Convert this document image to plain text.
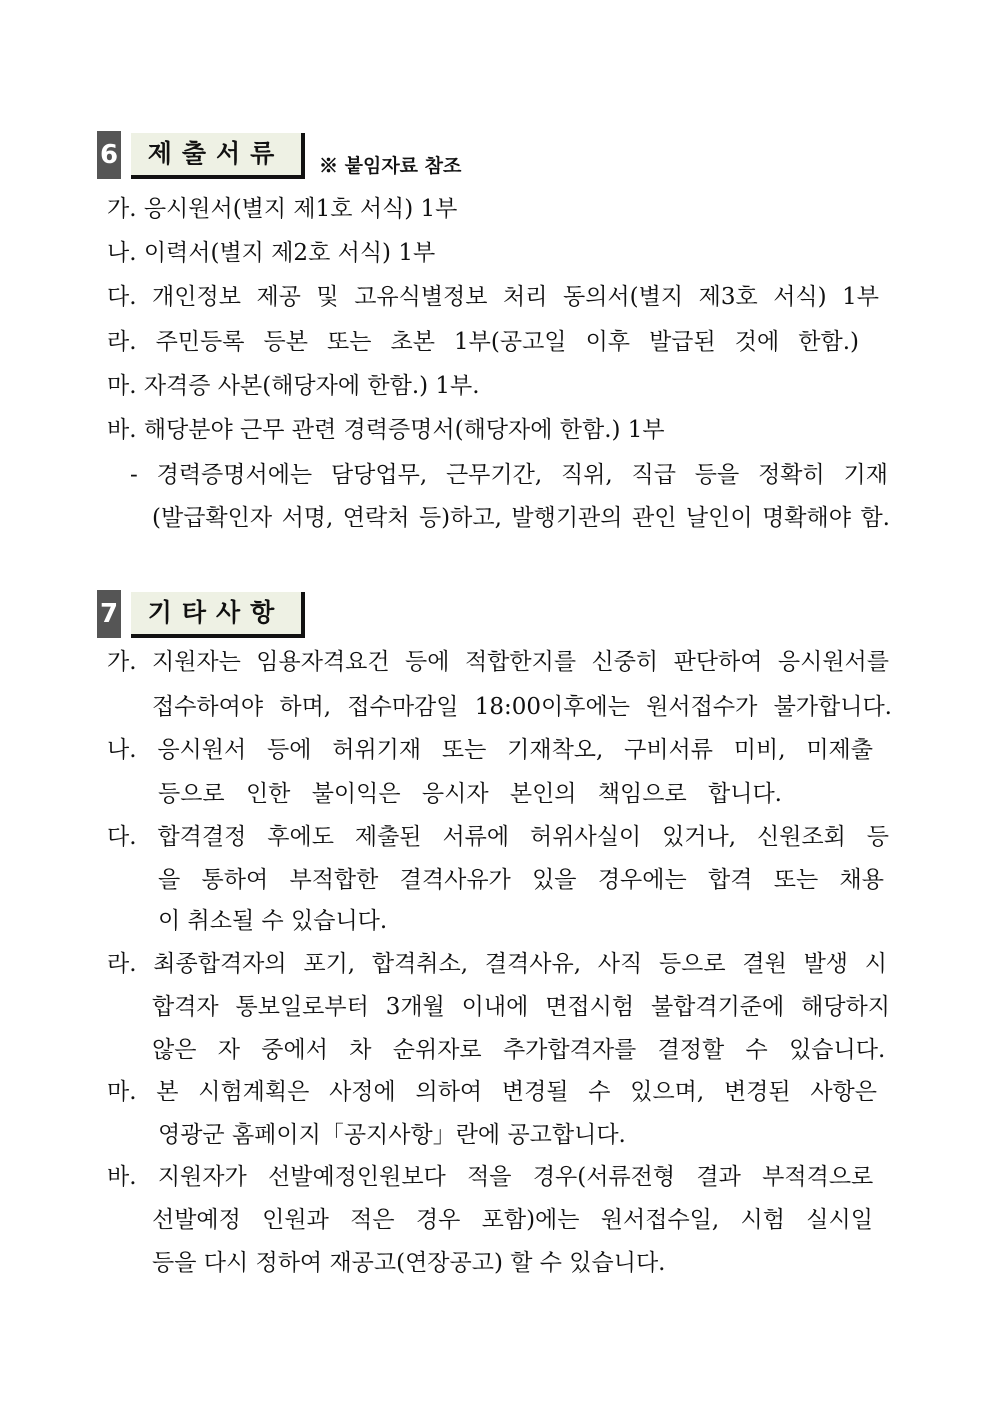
6	제출서류	※ 붙임자료 참조
가. 응시원서(별지 제1호 서식) 1부
나. 이력서(별지 제2호 서식) 1부
다. 개인정보 제공 및 고유식별정보 처리 동의서(별지 제3호 서식) 1부
라. 주민등록 등본 또는 초본 1부(공고일 이후 발급된 것에 한함.)
마. 자격증 사본(해당자에 한함.) 1부.
바. 해당분야 근무 관련 경력증명서(해당자에 한함.) 1부
- 경력증명서에는 담당업무, 근무기간, 직위, 직급 등을 정확히 기재
(발급확인자 서명, 연락처 등)하고, 발행기관의 관인 날인이 명확해야 함.
7	기타사항
가. 지원자는 임용자격요건 등에 적합한지를 신중히 판단하여 응시원서를
접수하여야 하며, 접수마감일 18:00이후에는 원서접수가 불가합니다.
나. 응시원서 등에 허위기재 또는 기재착오, 구비서류 미비, 미제출
등으로 인한 불이익은 응시자 본인의 책임으로 합니다.
다. 합격결정 후에도 제출된 서류에 허위사실이 있거나, 신원조회 등
을 통하여 부적합한 결격사유가 있을 경우에는 합격 또는 채용
이 취소될 수 있습니다.
라. 최종합격자의 포기, 합격취소, 결격사유, 사직 등으로 결원 발생 시
합격자 통보일로부터 3개월 이내에 면접시험 불합격기준에 해당하지
않은 자 중에서 차 순위자로 추가합격자를 결정할 수 있습니다.
마. 본 시험계획은 사정에 의하여 변경될 수 있으며, 변경된 사항은
영광군 홈페이지「공지사항」란에 공고합니다.
바. 지원자가 선발예정인원보다 적을 경우(서류전형 결과 부적격으로
선발예정 인원과 적은 경우 포함)에는 원서접수일, 시험 실시일
등을 다시 정하여 재공고(연장공고) 할 수 있습니다.
